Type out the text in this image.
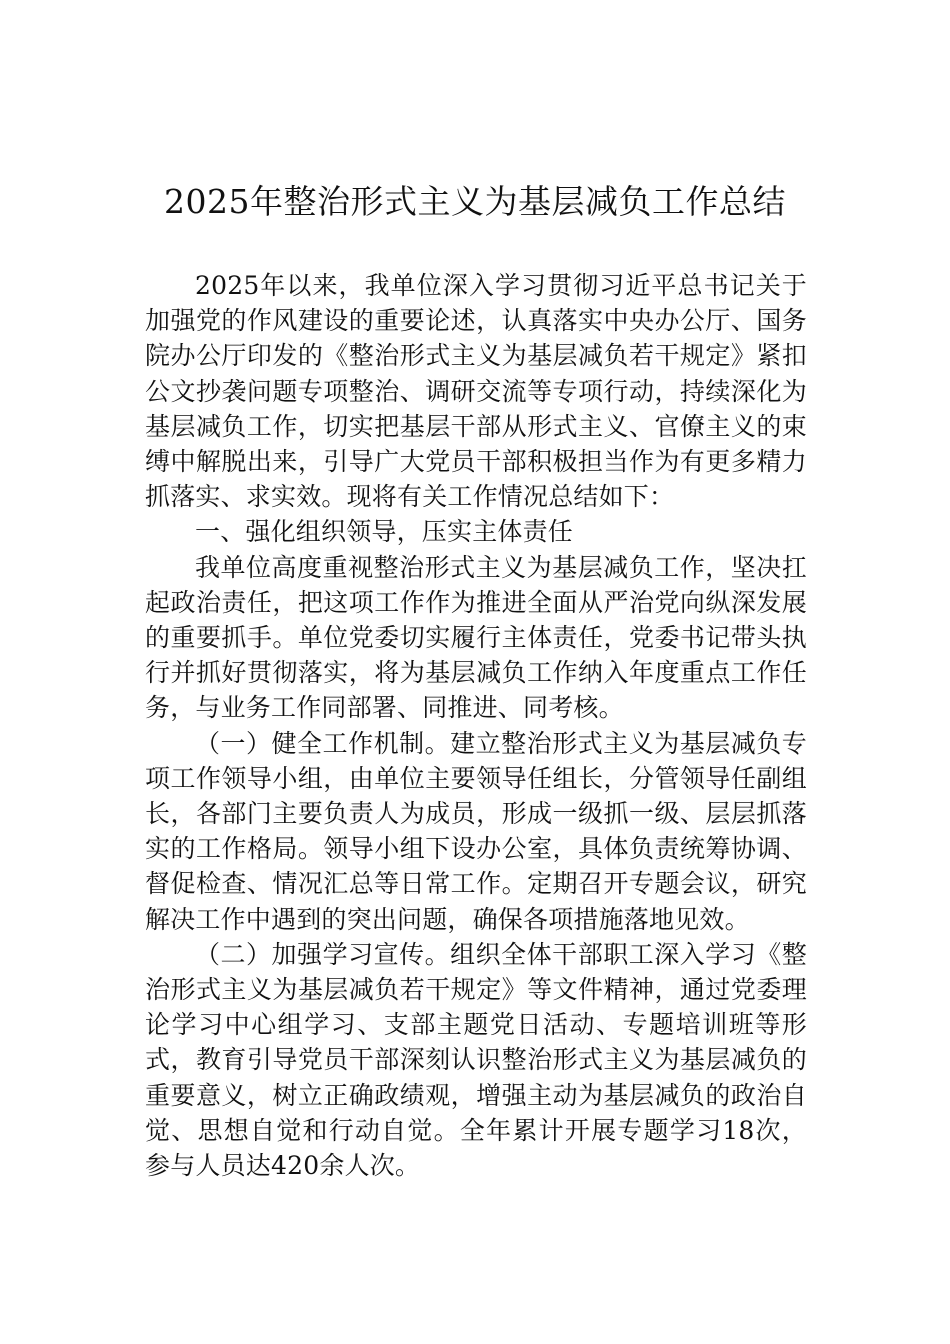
2025年整治形式主义为基层减负工作总结

2025年以来，我单位深入学习贯彻习近平总书记关于加强党的作风建设的重要论述，认真落实中央办公厅、国务院办公厅印发的《整治形式主义为基层减负若干规定》紧扣公文抄袭问题专项整治、调研交流等专项行动，持续深化为基层减负工作，切实把基层干部从形式主义、官僚主义的束缚中解脱出来，引导广大党员干部积极担当作为有更多精力抓落实、求实效。现将有关工作情况总结如下：

一、强化组织领导，压实主体责任

我单位高度重视整治形式主义为基层减负工作，坚决扛起政治责任，把这项工作作为推进全面从严治党向纵深发展的重要抓手。单位党委切实履行主体责任，党委书记带头执行并抓好贯彻落实，将为基层减负工作纳入年度重点工作任务，与业务工作同部署、同推进、同考核。

（一）健全工作机制。建立整治形式主义为基层减负专项工作领导小组，由单位主要领导任组长，分管领导任副组长，各部门主要负责人为成员，形成一级抓一级、层层抓落实的工作格局。领导小组下设办公室，具体负责统筹协调、督促检查、情况汇总等日常工作。定期召开专题会议，研究解决工作中遇到的突出问题，确保各项措施落地见效。

（二）加强学习宣传。组织全体干部职工深入学习《整治形式主义为基层减负若干规定》等文件精神，通过党委理论学习中心组学习、支部主题党日活动、专题培训班等形式，教育引导党员干部深刻认识整治形式主义为基层减负的重要意义，树立正确政绩观，增强主动为基层减负的政治自觉、思想自觉和行动自觉。全年累计开展专题学习18次，参与人员达420余人次。
